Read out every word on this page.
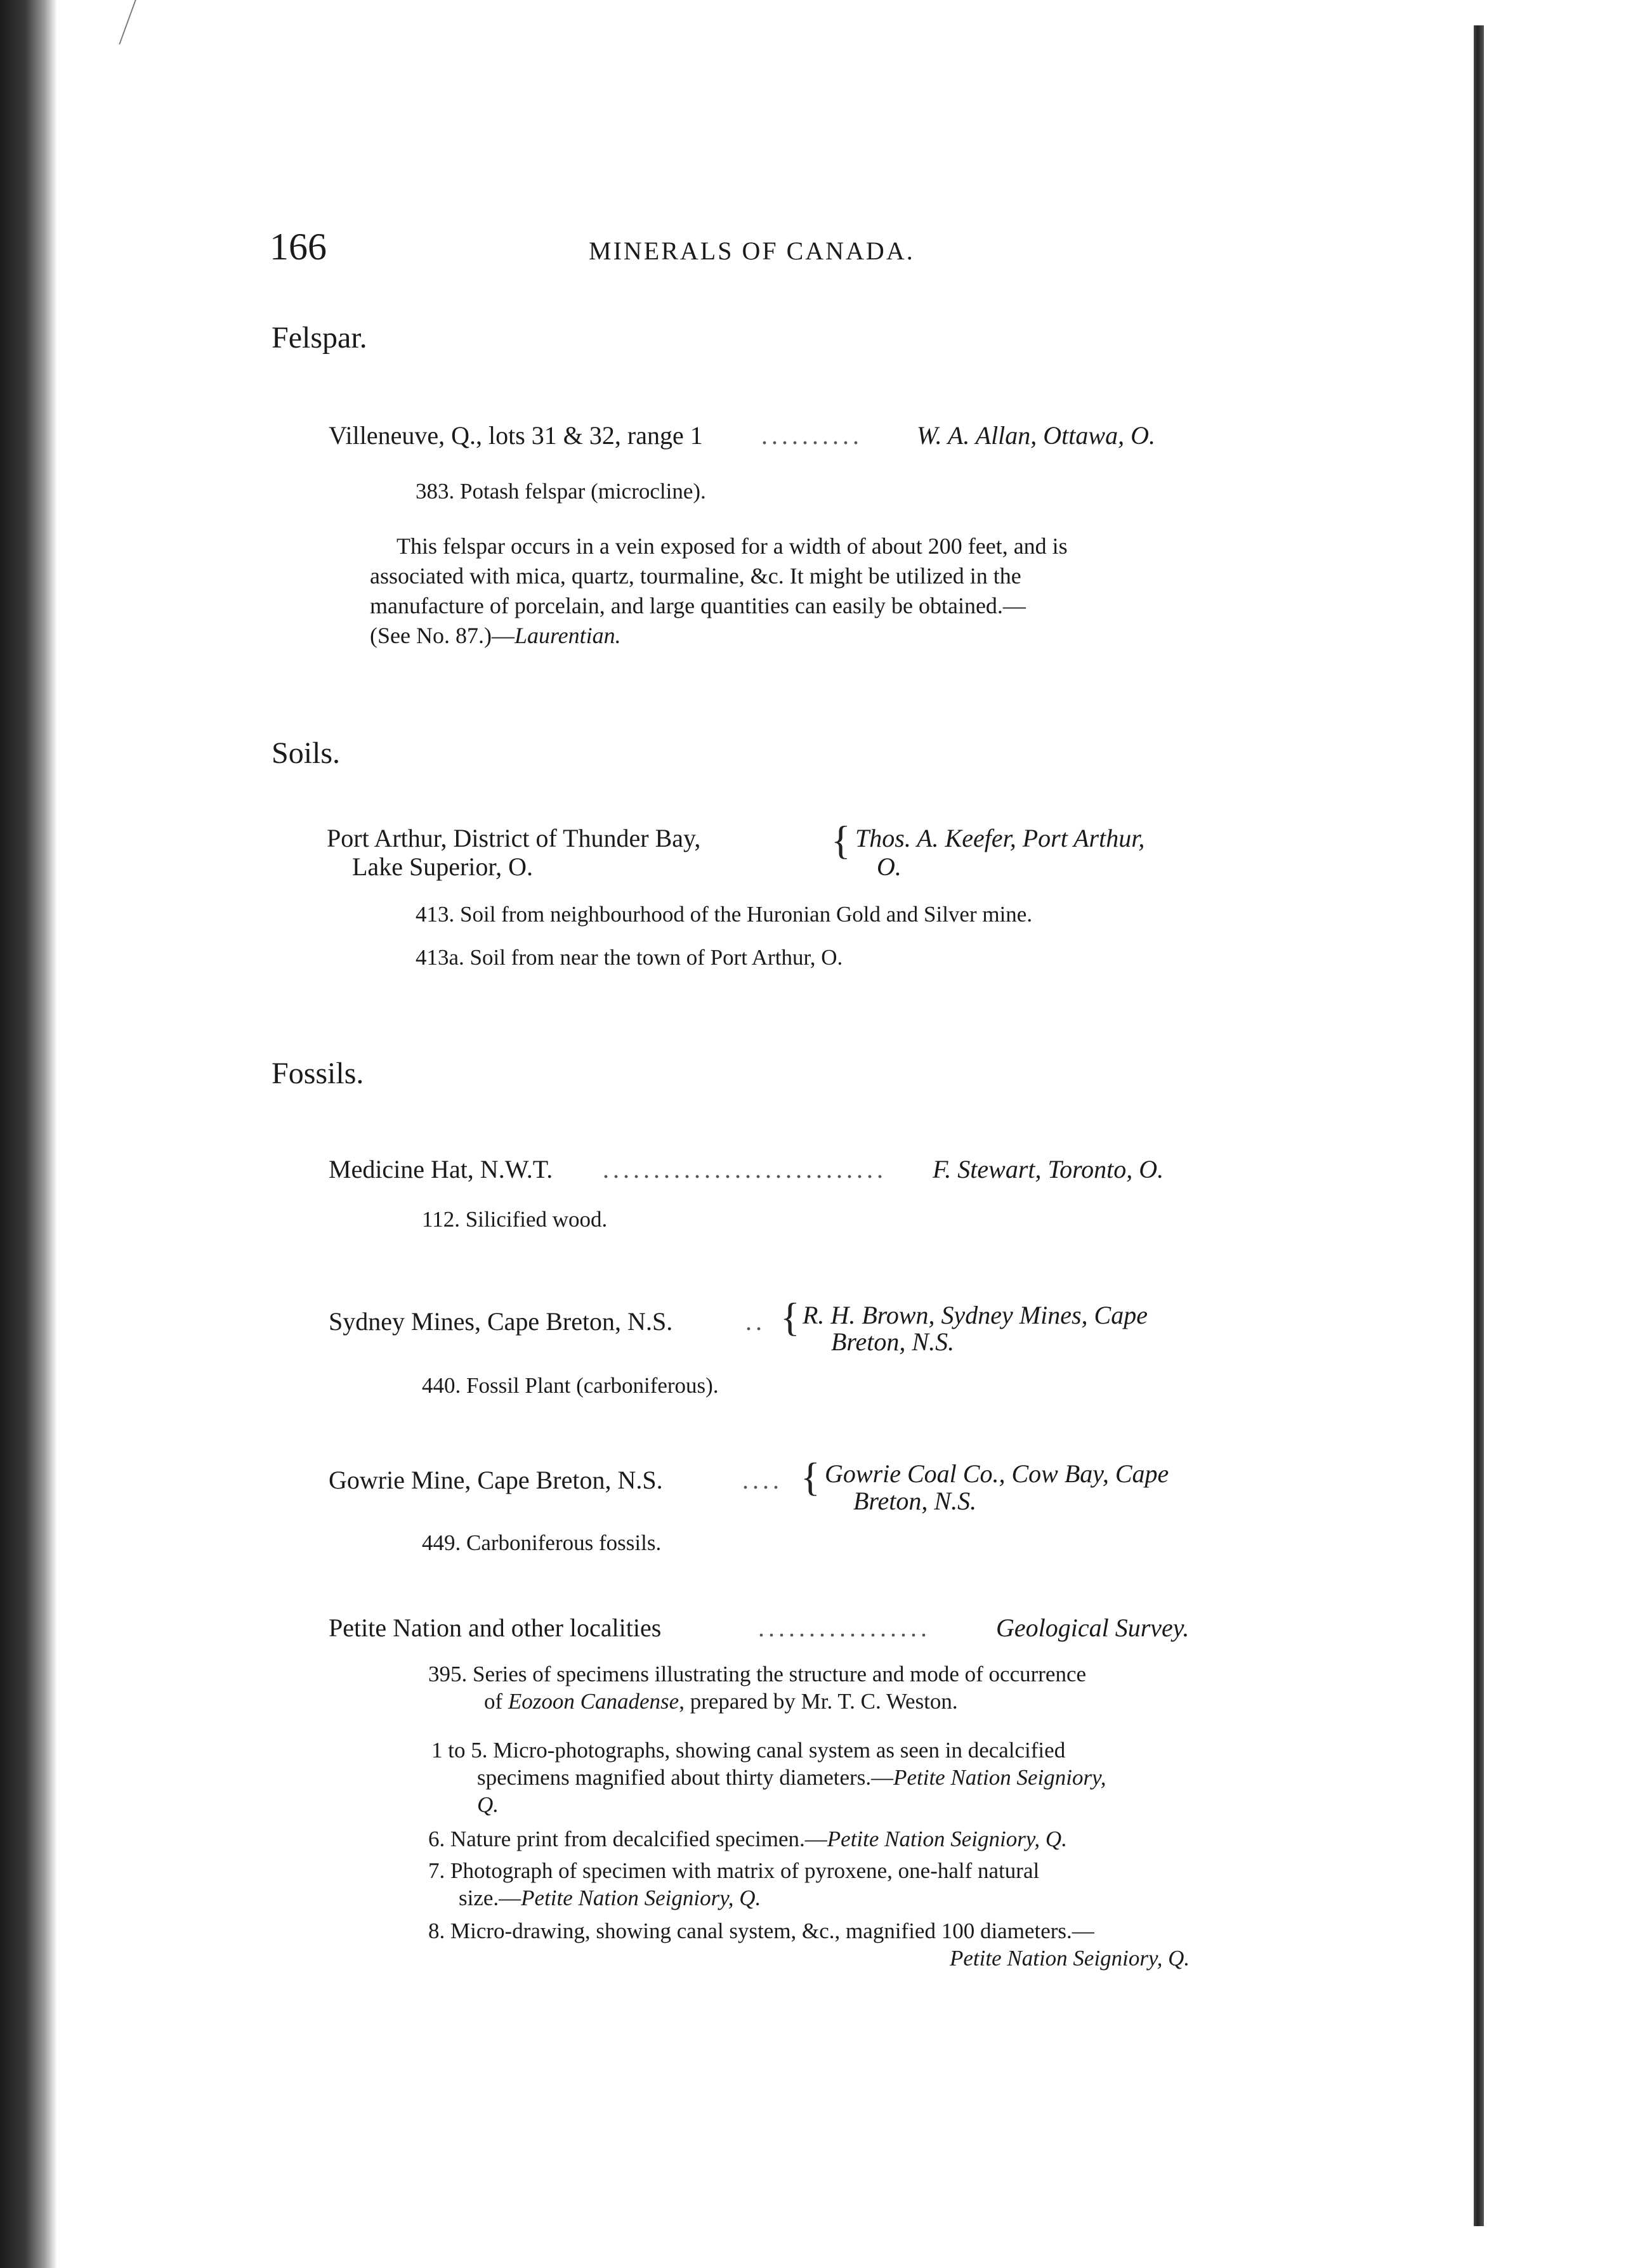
166	MINERALS OF CANADA.
Felspar.
Villeneuve, Q., lots 31 & 32, range 1 .......... W. A. Allan, Ottawa, O.
383. Potash felspar (microcline).
This felspar occurs in a vein exposed for a width of about 200 feet, and is
associated with mica, quartz, tourmaline, &c. It might be utilized in the
manufacture of porcelain, and large quantities can easily be obtained.—
(See No. 87.)—Laurentian.
Soils.
Port Arthur, District of Thunder Bay,
Lake Superior, O.
{ Thos. A. Keefer, Port Arthur,
O.
413. Soil from neighbourhood of the Huronian Gold and Silver mine.
413a. Soil from near the town of Port Arthur, O.
Fossils.
Medicine Hat, N.W.T. ............................ F. Stewart, Toronto, O.
112. Silicified wood.
Sydney Mines, Cape Breton, N.S.	.. { R. H. Brown, Sydney Mines, Cape
Breton, N.S.
440. Fossil Plant (carboniferous).
Gowrie Mine, Cape Breton, N.S.	.... { Gowrie Coal Co., Cow Bay, Cape
Breton, N.S.
449. Carboniferous fossils.
Petite Nation and other localities	.................	Geological Survey.
395. Series of specimens illustrating the structure and mode of occurrence
of Eozoon Canadense, prepared by Mr. T. C. Weston.
1 to 5. Micro-photographs, showing canal system as seen in decalcified
specimens magnified about thirty diameters.—Petite Nation Seigniory,
Q.
6. Nature print from decalcified specimen.—Petite Nation Seigniory, Q.
7. Photograph of specimen with matrix of pyroxene, one-half natural
size.—Petite Nation Seigniory, Q.
8. Micro-drawing, showing canal system, &c., magnified 100 diameters.—
Petite Nation Seigniory, Q.
